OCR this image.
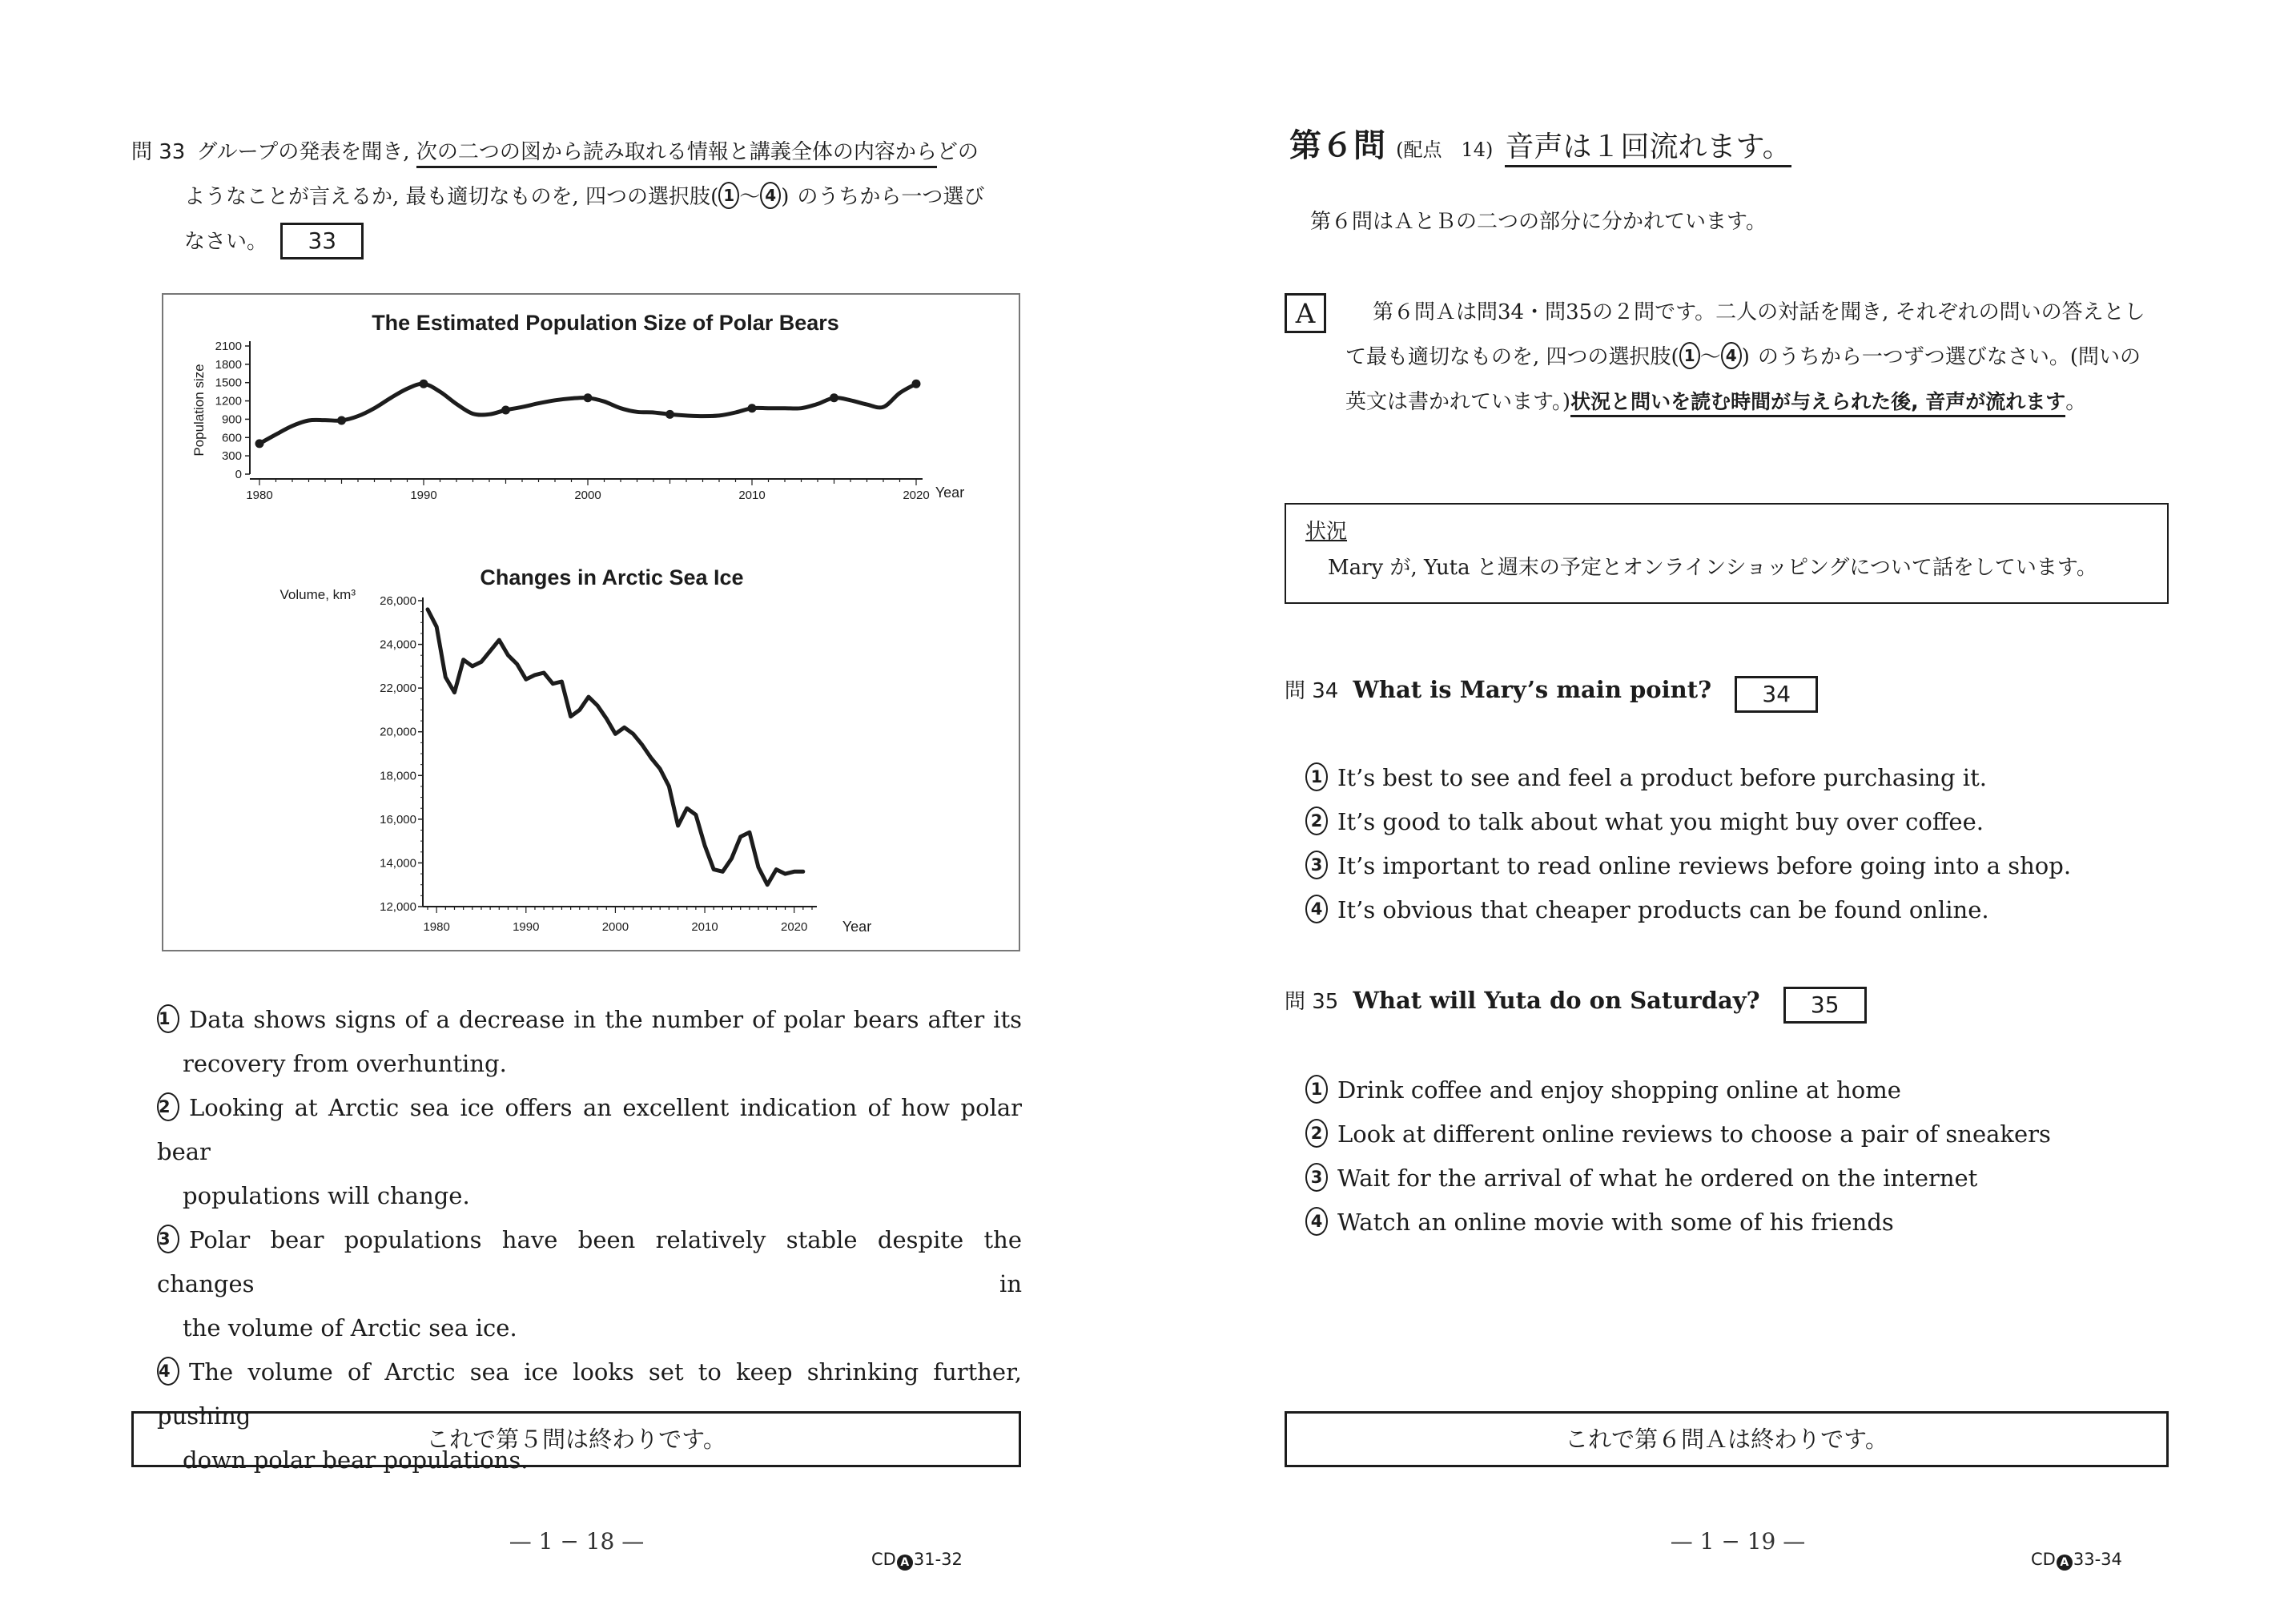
問 33 グループの発表を聞き, 次の二つの図から読み取れる情報と講義全体の内容からどの
ようなことが言えるか, 最も適切なものを, 四つの選択肢( 1 〜 4 ) のうちから一つ選び
なさい。 33
The Estimated Population Size of Polar Bears
Population size
Year
0
300
600
900
1200
1500
1800
2100
1980	1990	2000	2010	2020
Changes in Arctic Sea Ice
Volume, km³
Year
12,000
14,000
16,000
18,000
20,000
22,000
24,000
26,000
1980	1990	2000	2010	2020
1 Data shows signs of a decrease in the number of polar bears after its
recovery from overhunting.
2 Looking at Arctic sea ice offers an excellent indication of how polar bear
populations will change.
3 Polar bear populations have been relatively stable despite the changes in
the volume of Arctic sea ice.
4 The volume of Arctic sea ice looks set to keep shrinking further, pushing
down polar bear populations.
これで第５問は終わりです。
— 1 − 18 —
CD A 31-32
第６問 (配点　14) 音声は１回流れます。
第６問はＡとＢの二つの部分に分かれています。
A	第６問Ａは問34・問35の２問です。二人の対話を聞き, それぞれの問いの答えとし
て最も適切なものを, 四つの選択肢( 1 〜 4 ) のうちから一つずつ選びなさい。(問いの
英文は書かれています。)状況と問いを読む時間が与えられた後, 音声が流れます。
状況
Mary が, Yuta と週末の予定とオンラインショッピングについて話をしています。
問 34 What is Mary’s main point? 34
1 It’s best to see and feel a product before purchasing it.
2 It’s good to talk about what you might buy over coffee.
3 It’s important to read online reviews before going into a shop.
4 It’s obvious that cheaper products can be found online.
問 35 What will Yuta do on Saturday? 35
1 Drink coffee and enjoy shopping online at home
2 Look at different online reviews to choose a pair of sneakers
3 Wait for the arrival of what he ordered on the internet
4 Watch an online movie with some of his friends
これで第６問Ａは終わりです。
— 1 − 19 —
CD A 33-34
